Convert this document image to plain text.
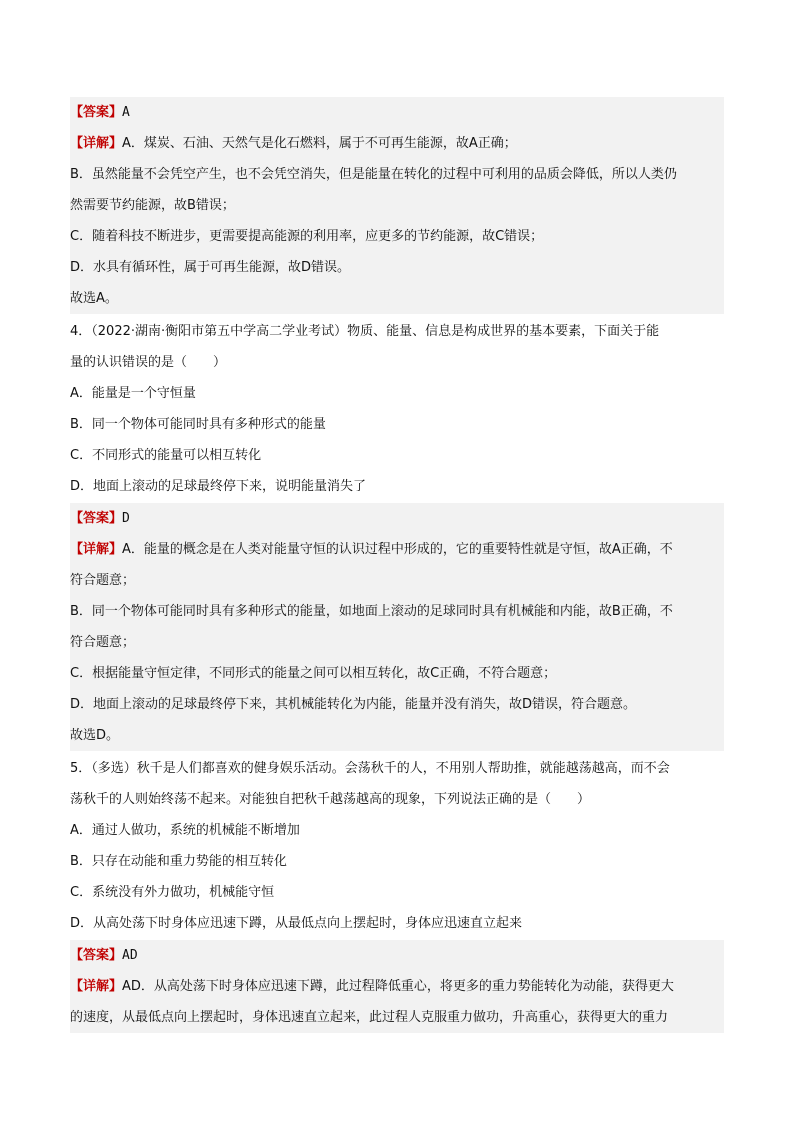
【答案】A
【详解】A．煤炭、石油、天然气是化石燃料，属于不可再生能源，故A正确；
B．虽然能量不会凭空产生，也不会凭空消失，但是能量在转化的过程中可利用的品质会降低，所以人类仍
然需要节约能源，故B错误；
C．随着科技不断进步，更需要提高能源的利用率，应更多的节约能源，故C错误；
D．水具有循环性，属于可再生能源，故D错误。
故选A。
4．（2022·湖南·衡阳市第五中学高二学业考试）物质、能量、信息是构成世界的基本要素，下面关于能
量的认识错误的是（　　）
A．能量是一个守恒量
B．同一个物体可能同时具有多种形式的能量
C．不同形式的能量可以相互转化
D．地面上滚动的足球最终停下来，说明能量消失了
【答案】D
【详解】A．能量的概念是在人类对能量守恒的认识过程中形成的，它的重要特性就是守恒，故A正确，不
符合题意；
B．同一个物体可能同时具有多种形式的能量，如地面上滚动的足球同时具有机械能和内能，故B正确，不
符合题意；
C．根据能量守恒定律，不同形式的能量之间可以相互转化，故C正确，不符合题意；
D．地面上滚动的足球最终停下来，其机械能转化为内能，能量并没有消失，故D错误，符合题意。
故选D。
5．（多选）秋千是人们都喜欢的健身娱乐活动。会荡秋千的人，不用别人帮助推，就能越荡越高，而不会
荡秋千的人则始终荡不起来。对能独自把秋千越荡越高的现象，下列说法正确的是（　　）
A．通过人做功，系统的机械能不断增加
B．只存在动能和重力势能的相互转化
C．系统没有外力做功，机械能守恒
D．从高处荡下时身体应迅速下蹲，从最低点向上摆起时，身体应迅速直立起来
【答案】AD
【详解】AD．从高处荡下时身体应迅速下蹲，此过程降低重心，将更多的重力势能转化为动能，获得更大
的速度，从最低点向上摆起时，身体迅速直立起来，此过程人克服重力做功，升高重心，获得更大的重力
